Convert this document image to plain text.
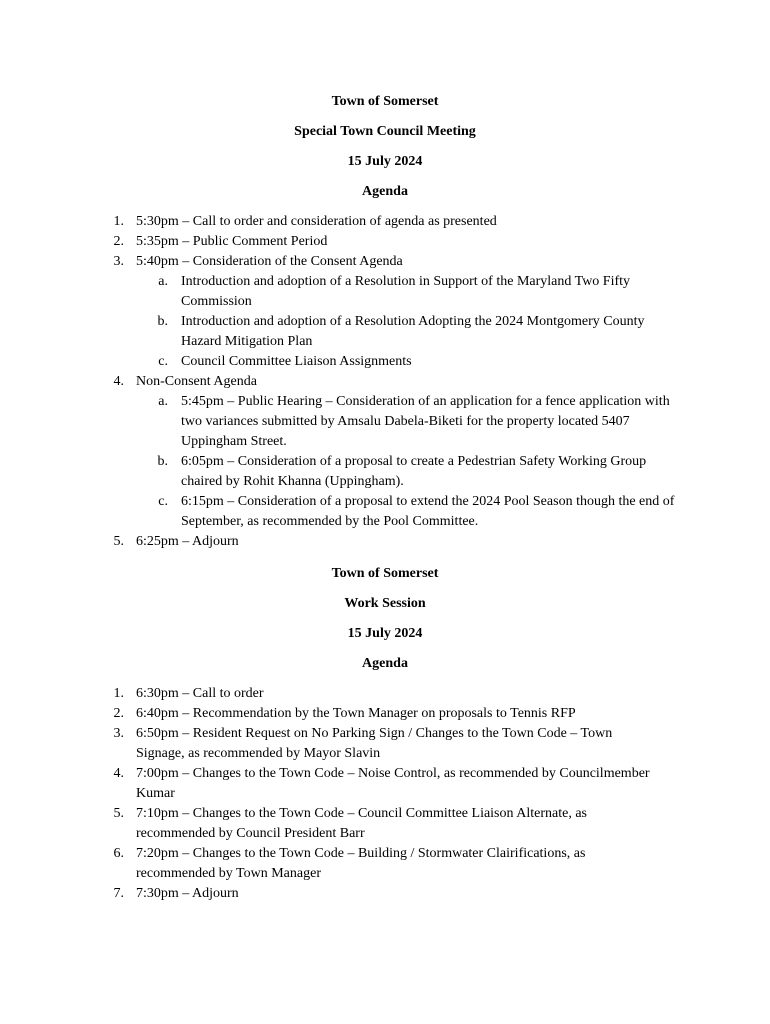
Town of Somerset
Special Town Council Meeting
15 July 2024
Agenda
1. 5:30pm – Call to order and consideration of agenda as presented
2. 5:35pm – Public Comment Period
3. 5:40pm – Consideration of the Consent Agenda
a. Introduction and adoption of a Resolution in Support of the Maryland Two Fifty Commission
b. Introduction and adoption of a Resolution Adopting the 2024 Montgomery County Hazard Mitigation Plan
c. Council Committee Liaison Assignments
4. Non-Consent Agenda
a. 5:45pm – Public Hearing – Consideration of an application for a fence application with two variances submitted by Amsalu Dabela-Biketi for the property located 5407 Uppingham Street.
b. 6:05pm – Consideration of a proposal to create a Pedestrian Safety Working Group chaired by Rohit Khanna (Uppingham).
c. 6:15pm – Consideration of a proposal to extend the 2024 Pool Season though the end of September, as recommended by the Pool Committee.
5. 6:25pm – Adjourn
Town of Somerset
Work Session
15 July 2024
Agenda
1. 6:30pm – Call to order
2. 6:40pm – Recommendation by the Town Manager on proposals to Tennis RFP
3. 6:50pm – Resident Request on No Parking Sign / Changes to the Town Code – Town Signage, as recommended by Mayor Slavin
4. 7:00pm – Changes to the Town Code – Noise Control, as recommended by Councilmember Kumar
5. 7:10pm – Changes to the Town Code – Council Committee Liaison Alternate, as recommended by Council President Barr
6. 7:20pm – Changes to the Town Code – Building / Stormwater Clairifications, as recommended by Town Manager
7. 7:30pm – Adjourn
